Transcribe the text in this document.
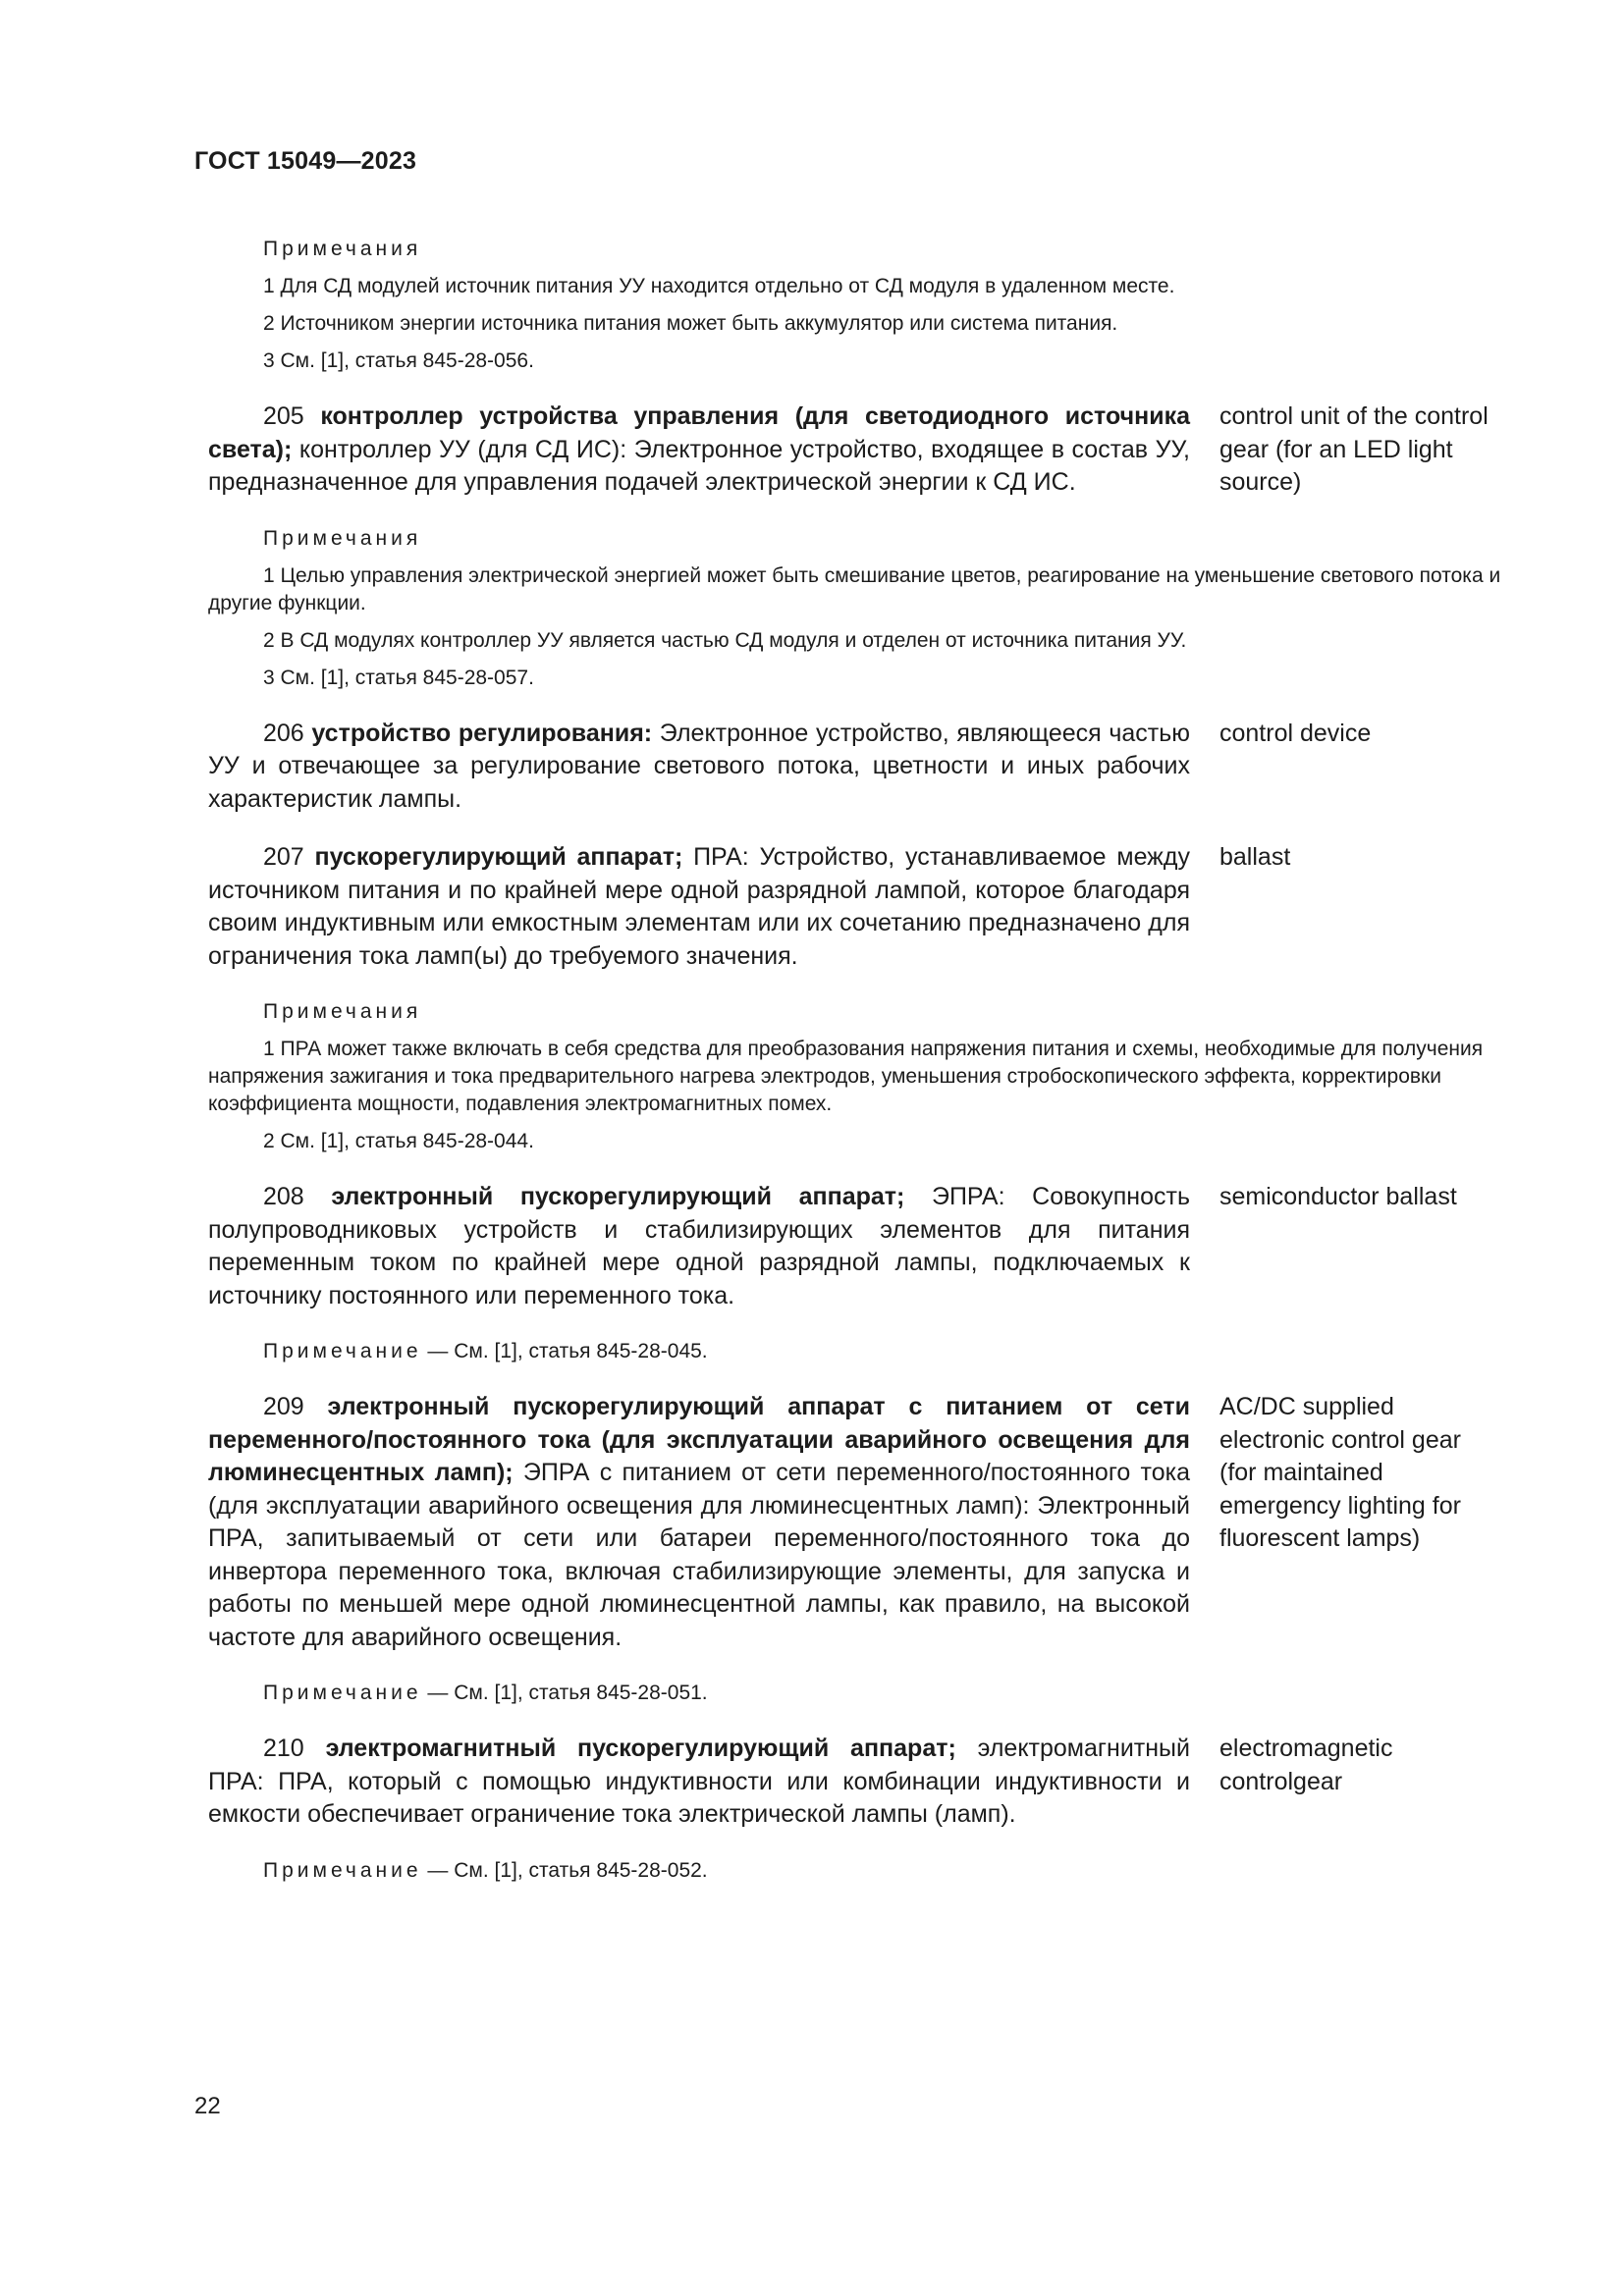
ГОСТ 15049—2023
Примечания
1 Для СД модулей источник питания УУ находится отдельно от СД модуля в удаленном месте.
2 Источником энергии источника питания может быть аккумулятор или система питания.
3 См. [1], статья 845-28-056.
205 контроллер устройства управления (для светодиодного источника света); контроллер УУ (для СД ИС): Электронное устройство, входящее в состав УУ, предназначенное для управления подачей электрической энергии к СД ИС.
control unit of the control gear (for an LED light source)
Примечания
1 Целью управления электрической энергией может быть смешивание цветов, реагирование на уменьшение светового потока и другие функции.
2 В СД модулях контроллер УУ является частью СД модуля и отделен от источника питания УУ.
3 См. [1], статья 845-28-057.
206 устройство регулирования: Электронное устройство, являющееся частью УУ и отвечающее за регулирование светового потока, цветности и иных рабочих характеристик лампы.
control device
207 пускорегулирующий аппарат; ПРА: Устройство, устанавливаемое между источником питания и по крайней мере одной разрядной лампой, которое благодаря своим индуктивным или емкостным элементам или их сочетанию предназначено для ограничения тока ламп(ы) до требуемого значения.
ballast
Примечания
1 ПРА может также включать в себя средства для преобразования напряжения питания и схемы, необходимые для получения напряжения зажигания и тока предварительного нагрева электродов, уменьшения стробоскопического эффекта, корректировки коэффициента мощности, подавления электромагнитных помех.
2 См. [1], статья 845-28-044.
208 электронный пускорегулирующий аппарат; ЭПРА: Совокупность полупроводниковых устройств и стабилизирующих элементов для питания переменным током по крайней мере одной разрядной лампы, подключаемых к источнику постоянного или переменного тока.
semiconductor ballast
Примечание — См. [1], статья 845-28-045.
209 электронный пускорегулирующий аппарат с питанием от сети переменного/постоянного тока (для эксплуатации аварийного освещения для люминесцентных ламп); ЭПРА с питанием от сети переменного/постоянного тока (для эксплуатации аварийного освещения для люминесцентных ламп): Электронный ПРА, запитываемый от сети или батареи переменного/постоянного тока до инвертора переменного тока, включая стабилизирующие элементы, для запуска и работы по меньшей мере одной люминесцентной лампы, как правило, на высокой частоте для аварийного освещения.
AC/DC supplied electronic control gear (for maintained emergency lighting for fluorescent lamps)
Примечание — См. [1], статья 845-28-051.
210 электромагнитный пускорегулирующий аппарат; электромагнитный ПРА: ПРА, который с помощью индуктивности или комбинации индуктивности и емкости обеспечивает ограничение тока электрической лампы (ламп).
electromagnetic controlgear
Примечание — См. [1], статья 845-28-052.
22
